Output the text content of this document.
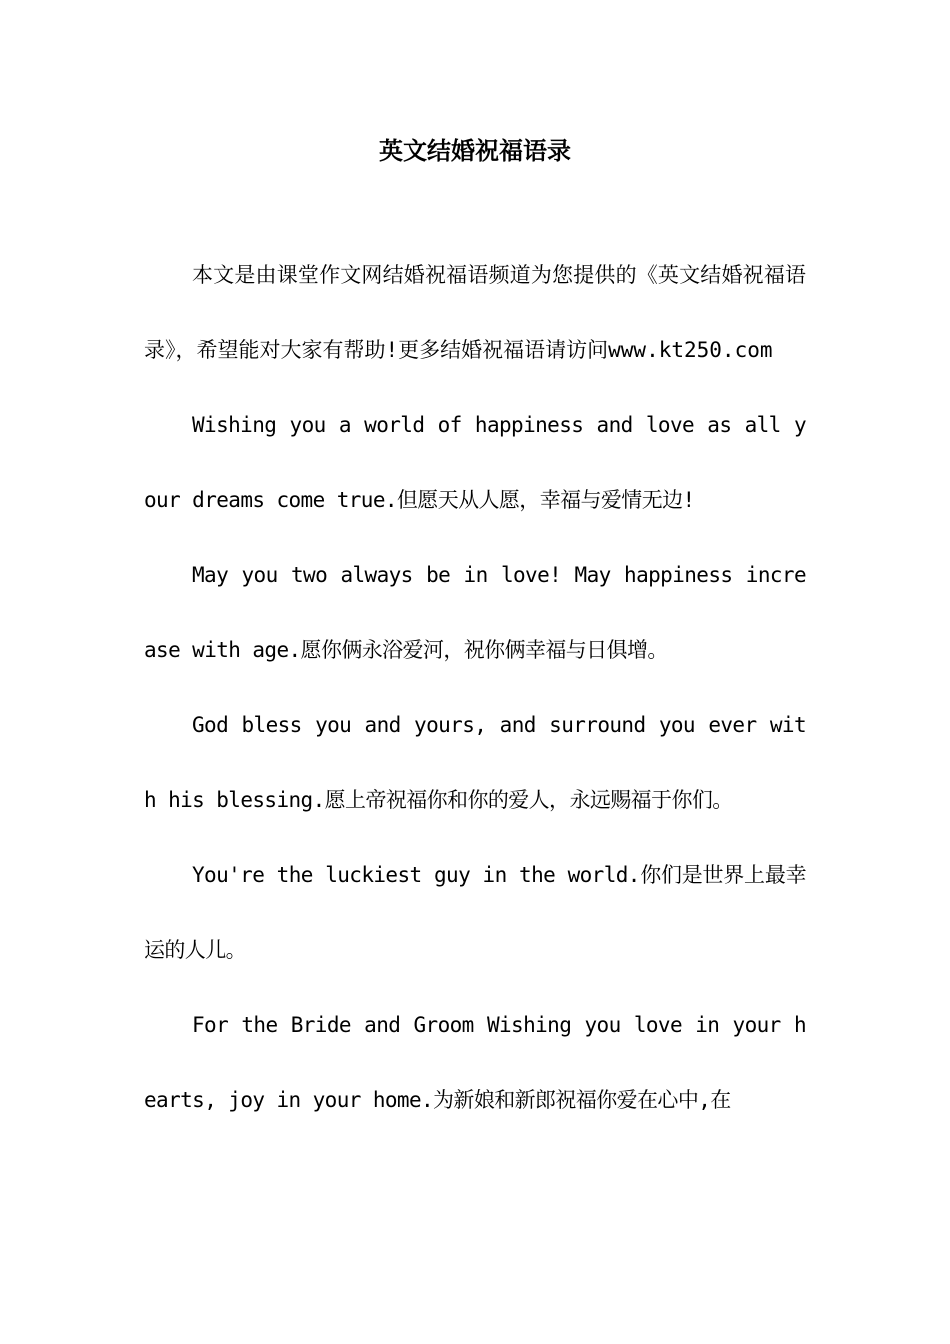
英文结婚祝福语录

本文是由课堂作文网结婚祝福语频道为您提供的《英文结婚祝福语录》，希望能对大家有帮助!更多结婚祝福语请访问www.kt250.com

Wishing you a world of happiness and love as all your dreams come true.但愿天从人愿，幸福与爱情无边!

May you two always be in love! May happiness increase with age.愿你俩永浴爱河，祝你俩幸福与日俱增。

God bless you and yours, and surround you ever with his blessing.愿上帝祝福你和你的爱人，永远赐福于你们。

You're the luckiest guy in the world.你们是世界上最幸运的人儿。

For the Bride and Groom Wishing you love in your hearts, joy in your home.为新娘和新郎祝福你爱在心中,在
